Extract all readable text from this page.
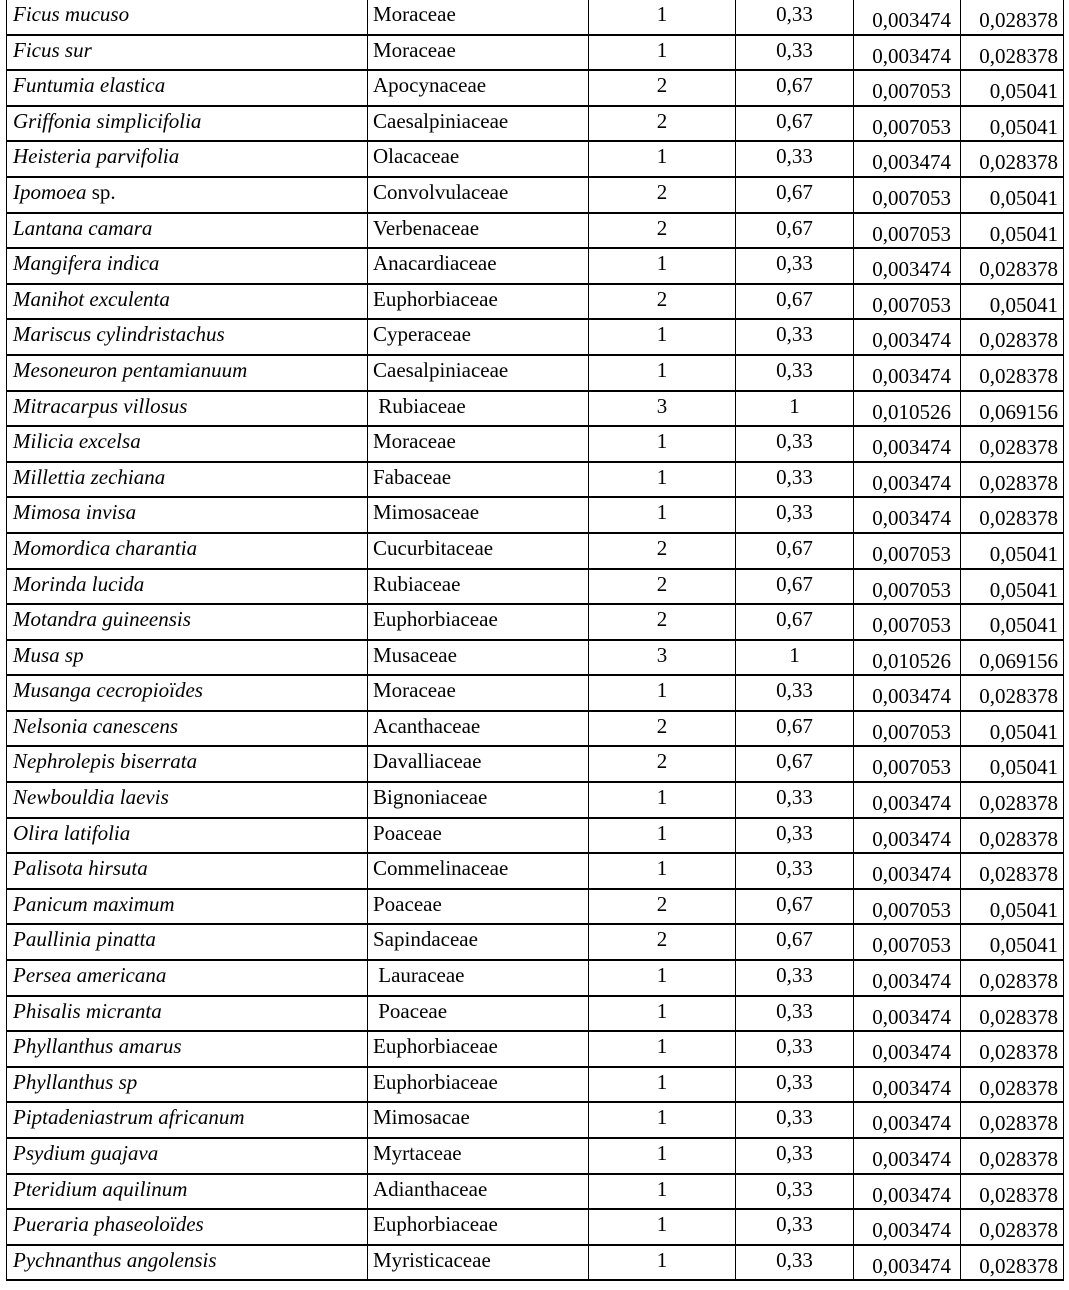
Ficus mucuso	Moraceae	1	0,33	0,003474	0,028378
Ficus sur	Moraceae	1	0,33	0,003474	0,028378
Funtumia elastica	Apocynaceae	2	0,67	0,007053	0,05041
Griffonia simplicifolia	Caesalpiniaceae	2	0,67	0,007053	0,05041
Heisteria parvifolia	Olacaceae	1	0,33	0,003474	0,028378
Ipomoea sp.	Convolvulaceae	2	0,67	0,007053	0,05041
Lantana camara	Verbenaceae	2	0,67	0,007053	0,05041
Mangifera indica	Anacardiaceae	1	0,33	0,003474	0,028378
Manihot exculenta	Euphorbiaceae	2	0,67	0,007053	0,05041
Mariscus cylindristachus	Cyperaceae	1	0,33	0,003474	0,028378
Mesoneuron pentamianuum	Caesalpiniaceae	1	0,33	0,003474	0,028378
Mitracarpus villosus	Rubiaceae	3	1	0,010526	0,069156
Milicia excelsa	Moraceae	1	0,33	0,003474	0,028378
Millettia zechiana	Fabaceae	1	0,33	0,003474	0,028378
Mimosa invisa	Mimosaceae	1	0,33	0,003474	0,028378
Momordica charantia	Cucurbitaceae	2	0,67	0,007053	0,05041
Morinda lucida	Rubiaceae	2	0,67	0,007053	0,05041
Motandra guineensis	Euphorbiaceae	2	0,67	0,007053	0,05041
Musa sp	Musaceae	3	1	0,010526	0,069156
Musanga cecropioïdes	Moraceae	1	0,33	0,003474	0,028378
Nelsonia canescens	Acanthaceae	2	0,67	0,007053	0,05041
Nephrolepis biserrata	Davalliaceae	2	0,67	0,007053	0,05041
Newbouldia laevis	Bignoniaceae	1	0,33	0,003474	0,028378
Olira latifolia	Poaceae	1	0,33	0,003474	0,028378
Palisota hirsuta	Commelinaceae	1	0,33	0,003474	0,028378
Panicum maximum	Poaceae	2	0,67	0,007053	0,05041
Paullinia pinatta	Sapindaceae	2	0,67	0,007053	0,05041
Persea americana	Lauraceae	1	0,33	0,003474	0,028378
Phisalis micranta	Poaceae	1	0,33	0,003474	0,028378
Phyllanthus amarus	Euphorbiaceae	1	0,33	0,003474	0,028378
Phyllanthus sp	Euphorbiaceae	1	0,33	0,003474	0,028378
Piptadeniastrum africanum	Mimosacae	1	0,33	0,003474	0,028378
Psydium guajava	Myrtaceae	1	0,33	0,003474	0,028378
Pteridium aquilinum	Adianthaceae	1	0,33	0,003474	0,028378
Pueraria phaseoloïdes	Euphorbiaceae	1	0,33	0,003474	0,028378
Pychnanthus angolensis	Myristicaceae	1	0,33	0,003474	0,028378
